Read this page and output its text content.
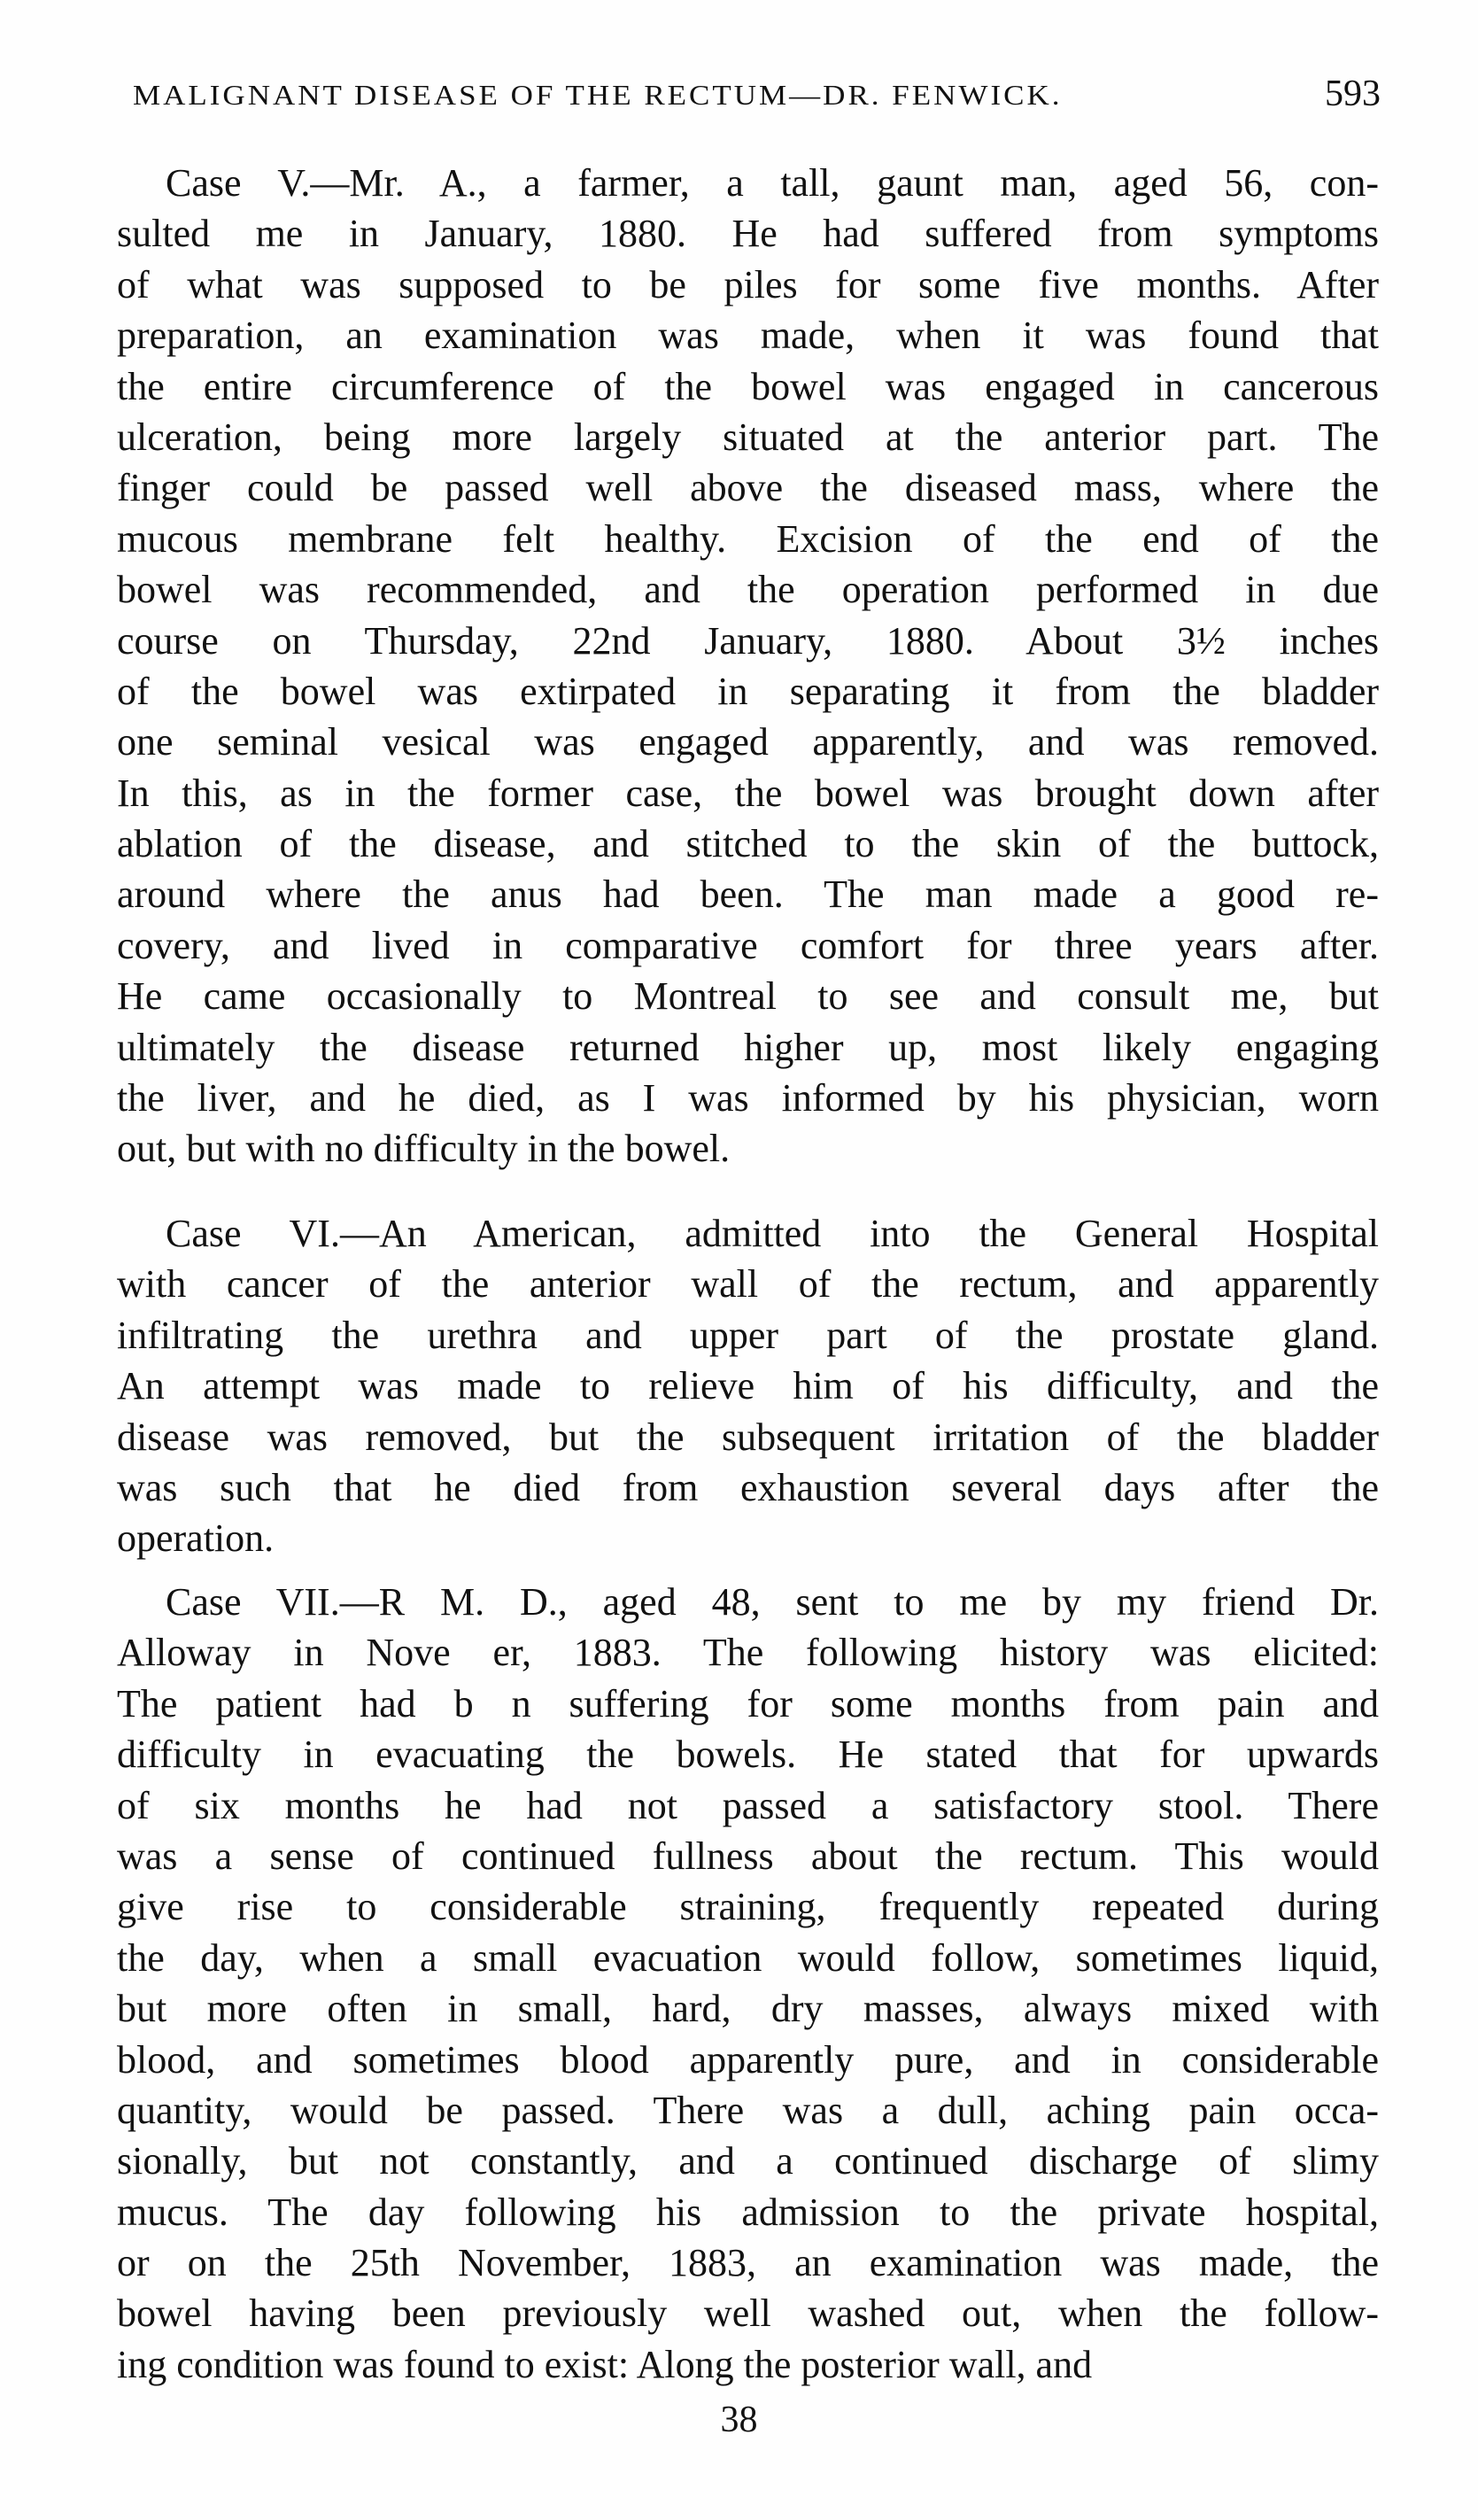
MALIGNANT DISEASE OF THE RECTUM—DR. FENWICK.	593
Case V.—Mr. A., a farmer, a tall, gaunt man, aged 56, con-
sulted me in January, 1880. He had suffered from symptoms
of what was supposed to be piles for some five months. After
preparation, an examination was made, when it was found that
the entire circumference of the bowel was engaged in cancerous
ulceration, being more largely situated at the anterior part. The
finger could be passed well above the diseased mass, where the
mucous membrane felt healthy. Excision of the end of the
bowel was recommended, and the operation performed in due
course on Thursday, 22nd January, 1880. About 3½ inches
of the bowel was extirpated in separating it from the bladder
one seminal vesical was engaged apparently, and was removed.
In this, as in the former case, the bowel was brought down after
ablation of the disease, and stitched to the skin of the buttock,
around where the anus had been. The man made a good re-
covery, and lived in comparative comfort for three years after.
He came occasionally to Montreal to see and consult me, but
ultimately the disease returned higher up, most likely engaging
the liver, and he died, as I was informed by his physician, worn
out, but with no difficulty in the bowel.
Case VI.—An American, admitted into the General Hospital
with cancer of the anterior wall of the rectum, and apparently
infiltrating the urethra and upper part of the prostate gland.
An attempt was made to relieve him of his difficulty, and the
disease was removed, but the subsequent irritation of the bladder
was such that he died from exhaustion several days after the
operation.
Case VII.—R M. D., aged 48, sent to me by my friend Dr.
Alloway in Nove er, 1883. The following history was elicited:
The patient had b n suffering for some months from pain and
difficulty in evacuating the bowels. He stated that for upwards
of six months he had not passed a satisfactory stool. There
was a sense of continued fullness about the rectum. This would
give rise to considerable straining, frequently repeated during
the day, when a small evacuation would follow, sometimes liquid,
but more often in small, hard, dry masses, always mixed with
blood, and sometimes blood apparently pure, and in considerable
quantity, would be passed. There was a dull, aching pain occa-
sionally, but not constantly, and a continued discharge of slimy
mucus. The day following his admission to the private hospital,
or on the 25th November, 1883, an examination was made, the
bowel having been previously well washed out, when the follow-
ing condition was found to exist: Along the posterior wall, and
38
